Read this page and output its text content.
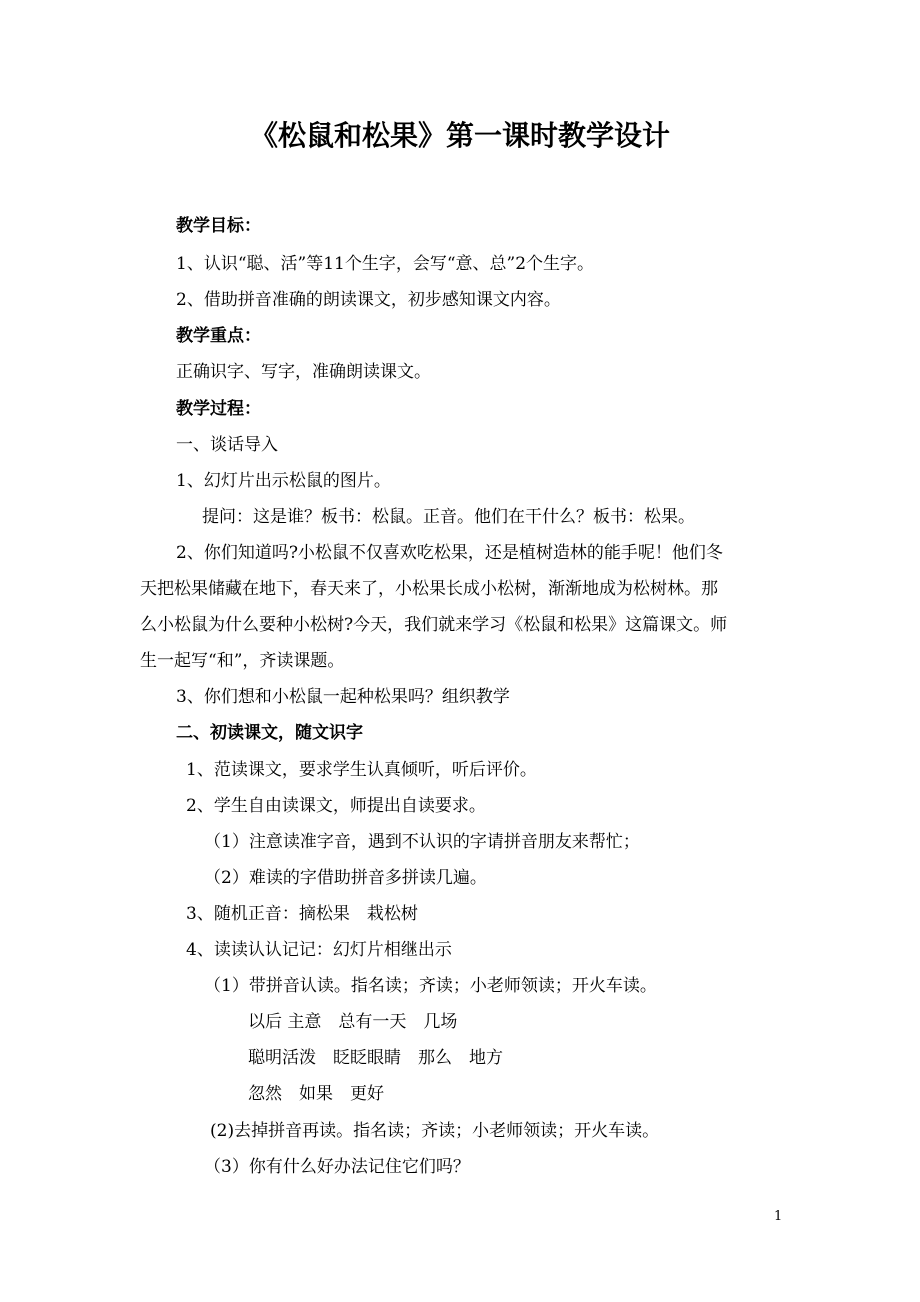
《松鼠和松果》第一课时教学设计
教学目标：
1、认识“聪、活”等11个生字，会写“意、总”2个生字。
2、借助拼音准确的朗读课文，初步感知课文内容。
教学重点：
正确识字、写字，准确朗读课文。
教学过程：
一、谈话导入
1、幻灯片出示松鼠的图片。
提问：这是谁？板书：松鼠。正音。他们在干什么？板书：松果。
2、你们知道吗?小松鼠不仅喜欢吃松果，还是植树造林的能手呢！他们冬
天把松果储藏在地下，春天来了，小松果长成小松树，渐渐地成为松树林。那
么小松鼠为什么要种小松树?今天，我们就来学习《松鼠和松果》这篇课文。师
生一起写“和”，齐读课题。
3、你们想和小松鼠一起种松果吗？组织教学
二、初读课文，随文识字
1、范读课文，要求学生认真倾听，听后评价。
2、学生自由读课文，师提出自读要求。
（1）注意读准字音，遇到不认识的字请拼音朋友来帮忙；
（2）难读的字借助拼音多拼读几遍。
3、随机正音：摘松果　栽松树
4、读读认认记记：幻灯片相继出示
（1）带拼音认读。指名读；齐读；小老师领读；开火车读。
以后 主意　总有一天　几场
聪明活泼　眨眨眼睛　那么　地方
忽然　如果　更好
(2)去掉拼音再读。指名读；齐读；小老师领读；开火车读。
（3）你有什么好办法记住它们吗？
1
